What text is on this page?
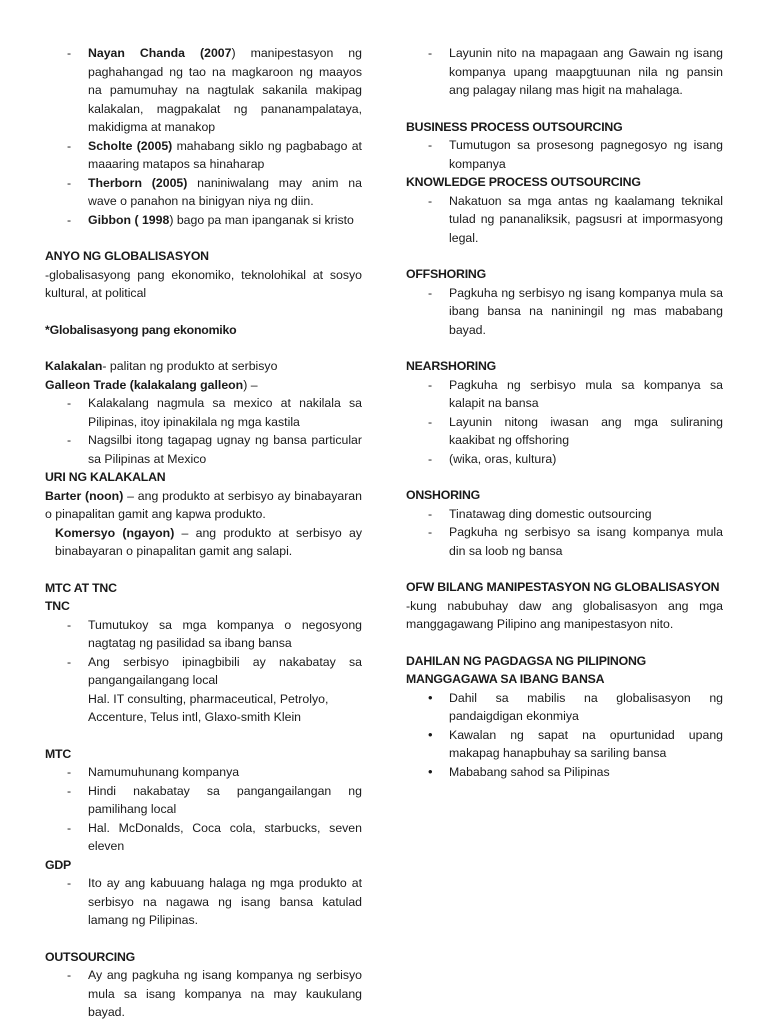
- Nayan Chanda (2007) manipestasyon ng paghahangad ng tao na magkaroon ng maayos na pamumuhay na nagtulak sakanila makipag kalakalan, magpakalat ng pananampalataya, makidigma at manakop
- Scholte (2005) mahabang siklo ng pagbabago at maaaring matapos sa hinaharap
- Therborn (2005) naniniwalang may anim na wave o panahon na binigyan niya ng diin.
- Gibbon ( 1998) bago pa man ipanganak si kristo
ANYO NG GLOBALISASYON
-globalisasyong pang ekonomiko, teknolohikal at sosyo kultural, at political
*Globalisasyong pang ekonomiko
Kalakalan- palitan ng produkto at serbisyo
Galleon Trade (kalakalang galleon) –
- Kalakalang nagmula sa mexico at nakilala sa Pilipinas, itoy ipinakilala ng mga kastila
- Nagsilbi itong tagapag ugnay ng bansa particular sa Pilipinas at Mexico
URI NG KALAKALAN
Barter (noon) – ang produkto at serbisyo ay binabayaran o pinapalitan gamit ang kapwa produkto.
Komersyo (ngayon) – ang produkto at serbisyo ay binabayaran o pinapalitan gamit ang salapi.
MTC AT TNC
TNC
- Tumutukoy sa mga kompanya o negosyong nagtatag ng pasilidad sa ibang bansa
- Ang serbisyo ipinagbibili ay nakabatay sa pangangailangang local
Hal. IT consulting, pharmaceutical, Petrolyo, Accenture, Telus intl, Glaxo-smith Klein
MTC
- Namumuhunang kompanya
- Hindi nakabatay sa pangangailangan ng pamilihang local
- Hal. McDonalds, Coca cola, starbucks, seven eleven
GDP
- Ito ay ang kabuuang halaga ng mga produkto at serbisyo na nagawa ng isang bansa katulad lamang ng Pilipinas.
OUTSOURCING
- Ay ang pagkuha ng isang kompanya ng serbisyo mula sa isang kompanya na may kaukulang bayad.
- Layunin nito na mapagaan ang Gawain ng isang kompanya upang maapgtuunan nila ng pansin ang palagay nilang mas higit na mahalaga.
BUSINESS PROCESS OUTSOURCING
- Tumutugon sa prosesong pagnegosyo ng isang kompanya
KNOWLEDGE PROCESS OUTSOURCING
- Nakatuon sa mga antas ng kaalamang teknikal tulad ng pananaliksik, pagsusri at impormasyong legal.
OFFSHORING
- Pagkuha ng serbisyo ng isang kompanya mula sa ibang bansa na naniningil ng mas mababang bayad.
NEARSHORING
- Pagkuha ng serbisyo mula sa kompanya sa kalapit na bansa
- Layunin nitong iwasan ang mga suliraning kaakibat ng offshoring
- (wika, oras, kultura)
ONSHORING
- Tinatawag ding domestic outsourcing
- Pagkuha ng serbisyo sa isang kompanya mula din sa loob ng bansa
OFW BILANG MANIPESTASYON NG GLOBALISASYON
-kung nabubuhay daw ang globalisasyon ang mga manggagawang Pilipino ang manipestasyon nito.
DAHILAN NG PAGDAGSA NG PILIPINONG MANGGAGAWA SA IBANG BANSA
• Dahil sa mabilis na globalisasyon ng pandaigdigan ekonmiya
• Kawalan ng sapat na opurtunidad upang makapag hanapbuhay sa sariling bansa
• Mababang sahod sa Pilipinas
